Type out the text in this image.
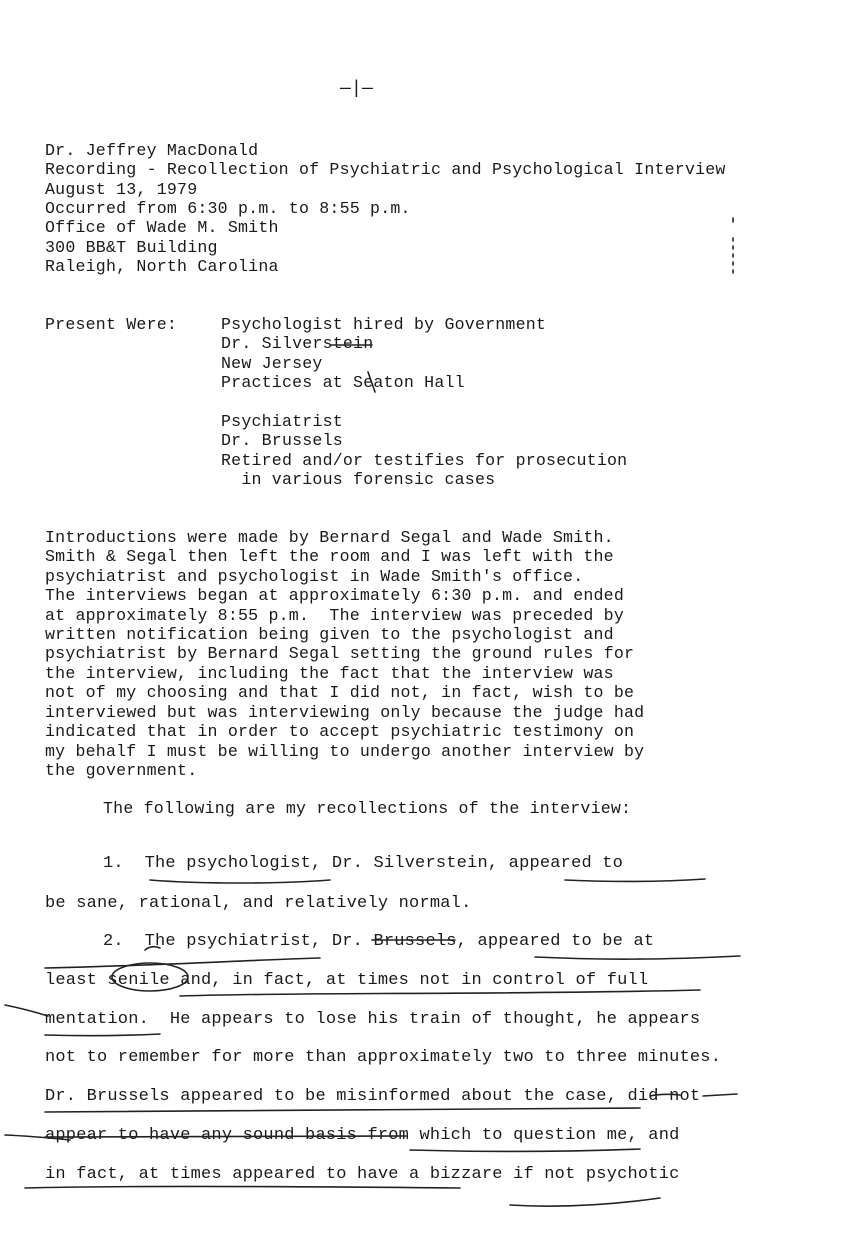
—|—
Dr. Jeffrey MacDonald
Recording - Recollection of Psychiatric and Psychological Interview
August 13, 1979
Occurred from 6:30 p.m. to 8:55 p.m.
Office of Wade M. Smith
300 BB&T Building
Raleigh, North Carolina
Present Were:	Psychologist hired by Government
Dr. Silverstein
New Jersey
Practices at Seaton Hall
Psychiatrist
Dr. Brussels
Retired and/or testifies for prosecution
in various forensic cases
Introductions were made by Bernard Segal and Wade Smith.
Smith & Segal then left the room and I was left with the
psychiatrist and psychologist in Wade Smith's office.
The interviews began at approximately 6:30 p.m. and ended
at approximately 8:55 p.m.  The interview was preceded by
written notification being given to the psychologist and
psychiatrist by Bernard Segal setting the ground rules for
the interview, including the fact that the interview was
not of my choosing and that I did not, in fact, wish to be
interviewed but was interviewing only because the judge had
indicated that in order to accept psychiatric testimony on
my behalf I must be willing to undergo another interview by
the government.
The following are my recollections of the interview:
1.  The psychologist, Dr. Silverstein, appeared to
be sane, rational, and relatively normal.
2.  The psychiatrist, Dr. Brussels, appeared to be at
least senile and, in fact, at times not in control of full
mentation.  He appears to lose his train of thought, he appears
not to remember for more than approximately two to three minutes.
Dr. Brussels appeared to be misinformed about the case, did not
appear to have any sound basis from which to question me, and
in fact, at times appeared to have a bizzare if not psychotic
